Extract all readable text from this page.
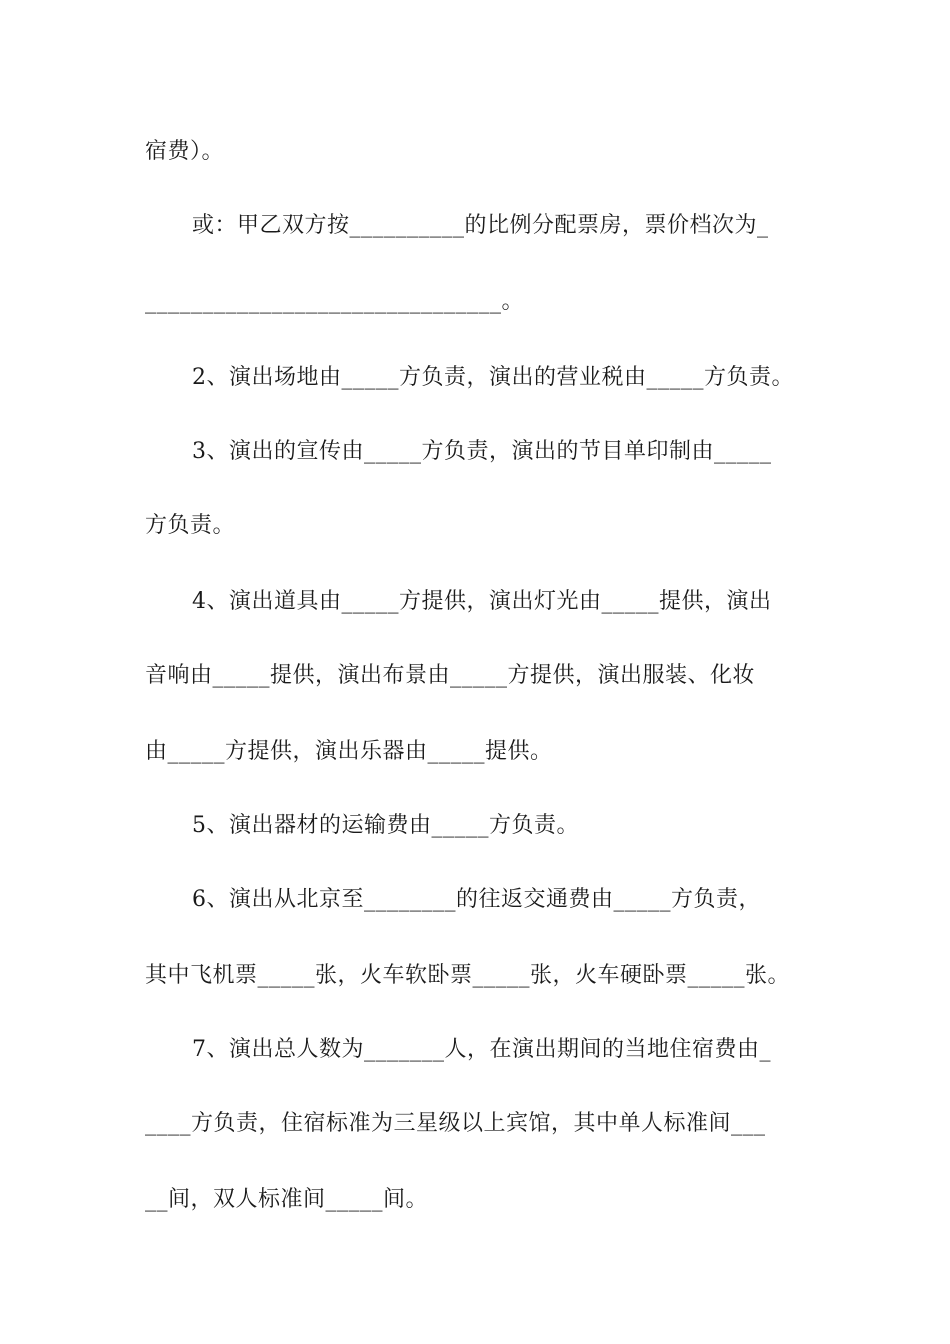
宿费）。
或：甲乙双方按__________的比例分配票房，票价档次为_
_______________________________。
2、演出场地由_____方负责，演出的营业税由_____方负责。
3、演出的宣传由_____方负责，演出的节目单印制由_____
方负责。
4、演出道具由_____方提供，演出灯光由_____提供，演出
音响由_____提供，演出布景由_____方提供，演出服装、化妆
由_____方提供，演出乐器由_____提供。
5、演出器材的运输费由_____方负责。
6、演出从北京至________的往返交通费由_____方负责，
其中飞机票_____张，火车软卧票_____张，火车硬卧票_____张。
7、演出总人数为_______人，在演出期间的当地住宿费由_
____方负责，住宿标准为三星级以上宾馆，其中单人标准间___
__间，双人标准间_____间。
